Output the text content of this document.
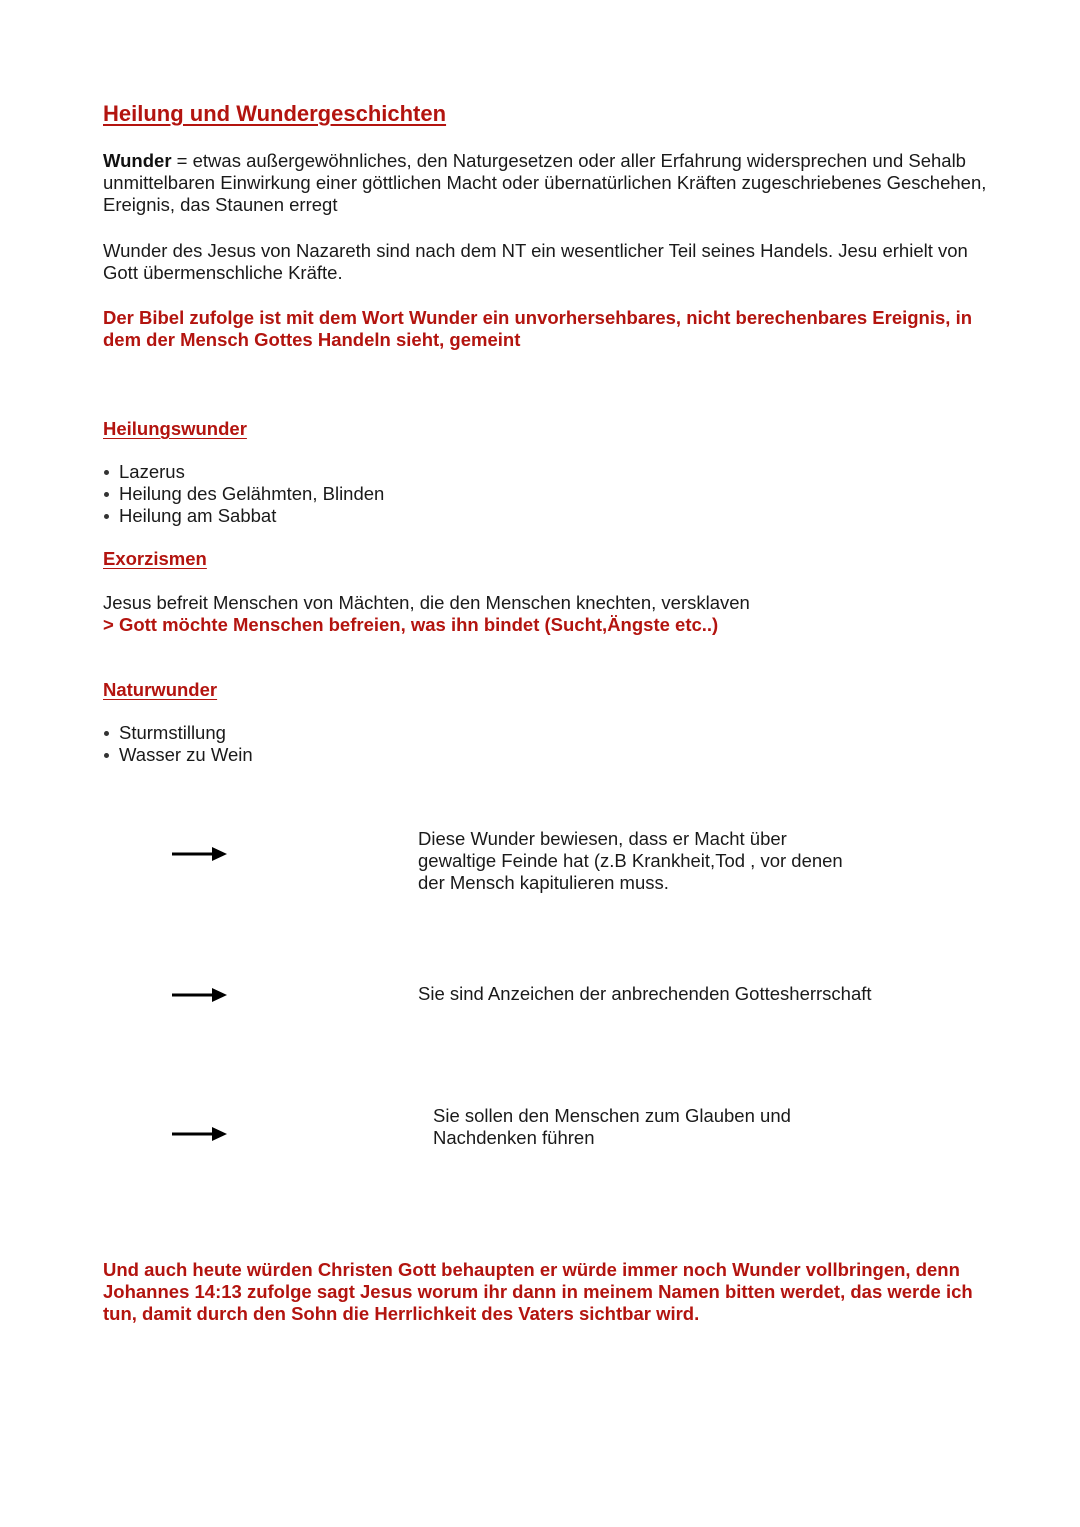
Heilung und Wundergeschichten
Wunder = etwas außergewöhnliches, den Naturgesetzen oder aller Erfahrung widersprechen und Sehalb unmittelbaren Einwirkung einer göttlichen Macht oder übernatürlichen Kräften zugeschriebenes Geschehen, Ereignis, das Staunen erregt
Wunder des Jesus von Nazareth sind nach dem NT ein wesentlicher Teil seines Handels. Jesu erhielt von Gott übermenschliche Kräfte.
Der Bibel zufolge ist mit dem Wort Wunder ein unvorhersehbares, nicht berechenbares Ereignis, in dem der Mensch Gottes Handeln sieht, gemeint
Heilungswunder
Lazerus
Heilung des Gelähmten, Blinden
Heilung am Sabbat
Exorzismen
Jesus befreit Menschen von Mächten, die den Menschen knechten, versklaven
> Gott möchte Menschen befreien, was ihn bindet (Sucht,Ängste etc..)
Naturwunder
Sturmstillung
Wasser zu Wein
Diese Wunder bewiesen, dass er Macht über gewaltige Feinde hat (z.B Krankheit,Tod , vor denen der Mensch kapitulieren muss.
Sie sind Anzeichen der anbrechenden Gottesherrschaft
Sie sollen den Menschen zum Glauben und Nachdenken führen
Und auch heute würden Christen Gott behaupten er würde immer noch Wunder vollbringen, denn Johannes 14:13 zufolge sagt Jesus worum ihr dann in meinem Namen bitten werdet, das werde ich tun, damit durch den Sohn die Herrlichkeit des Vaters sichtbar wird.
